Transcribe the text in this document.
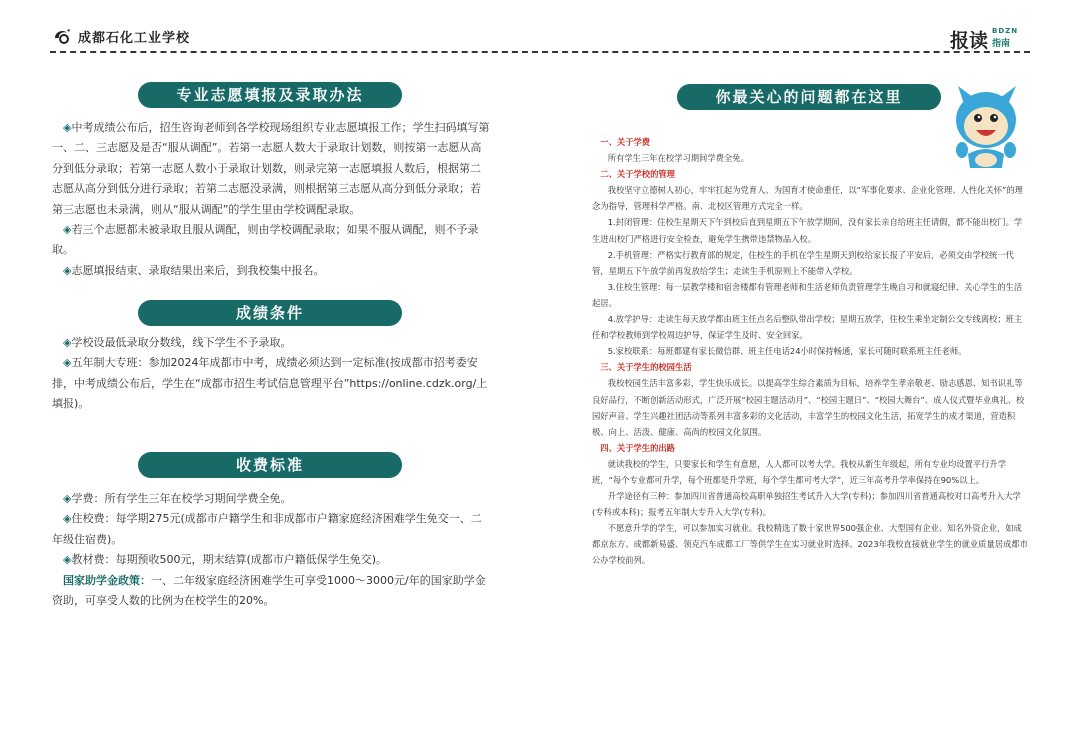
成都石化工业学校	报读 BDZN
指南
专业志愿填报及录取办法

◈中考成绩公布后，招生咨询老师到各学校现场组织专业志愿填报工作；学生扫码填写第一、二、三志愿及是否“服从调配”。若第一志愿人数大于录取计划数，则按第一志愿从高分到低分录取；若第一志愿人数小于录取计划数，则录完第一志愿填报人数后，根据第二志愿从高分到低分进行录取；若第二志愿没录满，则根据第三志愿从高分到低分录取；若第三志愿也未录满，则从“服从调配”的学生里由学校调配录取。

◈若三个志愿都未被录取且服从调配，则由学校调配录取；如果不服从调配，则不予录取。

◈志愿填报结束、录取结果出来后，到我校集中报名。

成绩条件

◈学校设最低录取分数线，线下学生不予录取。

◈五年制大专班：参加2024年成都市中考，成绩必须达到一定标准(按成都市招考委安排，中考成绩公布后，学生在“成都市招生考试信息管理平台”https://online.cdzk.org/上填报)。

收费标准

◈学费：所有学生三年在校学习期间学费全免。

◈住校费：每学期275元(成都市户籍学生和非成都市户籍家庭经济困难学生免交一、二年级住宿费)。

◈教材费：每期预收500元，期末结算(成都市户籍低保学生免交)。

国家助学金政策：一、二年级家庭经济困难学生可享受1000～3000元/年的国家助学金资助，可享受人数的比例为在校学生的20%。

你最关心的问题都在这里

一、关于学费

所有学生三年在校学习期间学费全免。

二、关于学校的管理

我校坚守立德树人初心，牢牢扛起为党育人、为国育才使命重任，以“军事化要求、企业化管理、人性化关怀”的理念为指导，管理科学严格。南、北校区管理方式完全一样。

1.封闭管理：住校生星期天下午到校后直到星期五下午放学期间，没有家长亲自给班主任请假，都不能出校门。学生进出校门严格进行安全检查，避免学生携带违禁物品入校。

2.手机管理：严格实行教育部的规定，住校生的手机在学生星期天到校给家长报了平安后，必须交由学校统一代管，星期五下午放学前再发放给学生；走读生手机原则上不能带入学校。

3.住校生管理：每一层教学楼和宿舍楼都有管理老师和生活老师负责管理学生晚自习和就寝纪律、关心学生的生活起居。

4.放学护导：走读生每天放学都由班主任点名后整队带出学校；星期五放学，住校生乘坐定制公交专线离校；班主任和学校教师到学校周边护导，保证学生及时、安全回家。

5.家校联系：每班都建有家长微信群、班主任电话24小时保持畅通，家长可随时联系班主任老师。

三、关于学生的校园生活

我校校园生活丰富多彩，学生快乐成长。以提高学生综合素质为目标，培养学生孝亲敬老、励志感恩、知书识礼等良好品行，不断创新活动形式，广泛开展“校园主题活动月”、“校园主题日”、“校园大舞台”、成人仪式暨毕业典礼、校园好声音、学生兴趣社团活动等系列丰富多彩的文化活动，丰富学生的校园文化生活，拓宽学生的成才渠道，营造积极、向上、活泼、健康、高尚的校园文化氛围。

四、关于学生的出路

就读我校的学生，只要家长和学生有意愿，人人都可以考大学。我校从新生年级起，所有专业均设置平行升学班，“每个专业都可升学，每个班都是升学班，每个学生都可考大学”，近三年高考升学率保持在90%以上。

升学途径有三种：参加四川省普通高校高职单独招生考试升入大学(专科)；参加四川省普通高校对口高考升入大学(专科或本科)；报考五年制大专升入大学(专科)。

不愿意升学的学生，可以参加实习就业。我校精选了数十家世界500强企业、大型国有企业、知名外资企业，如成都京东方、成都新易盛、领克汽车成都工厂等供学生在实习就业时选择。2023年我校直接就业学生的就业质量居成都市公办学校前列。
